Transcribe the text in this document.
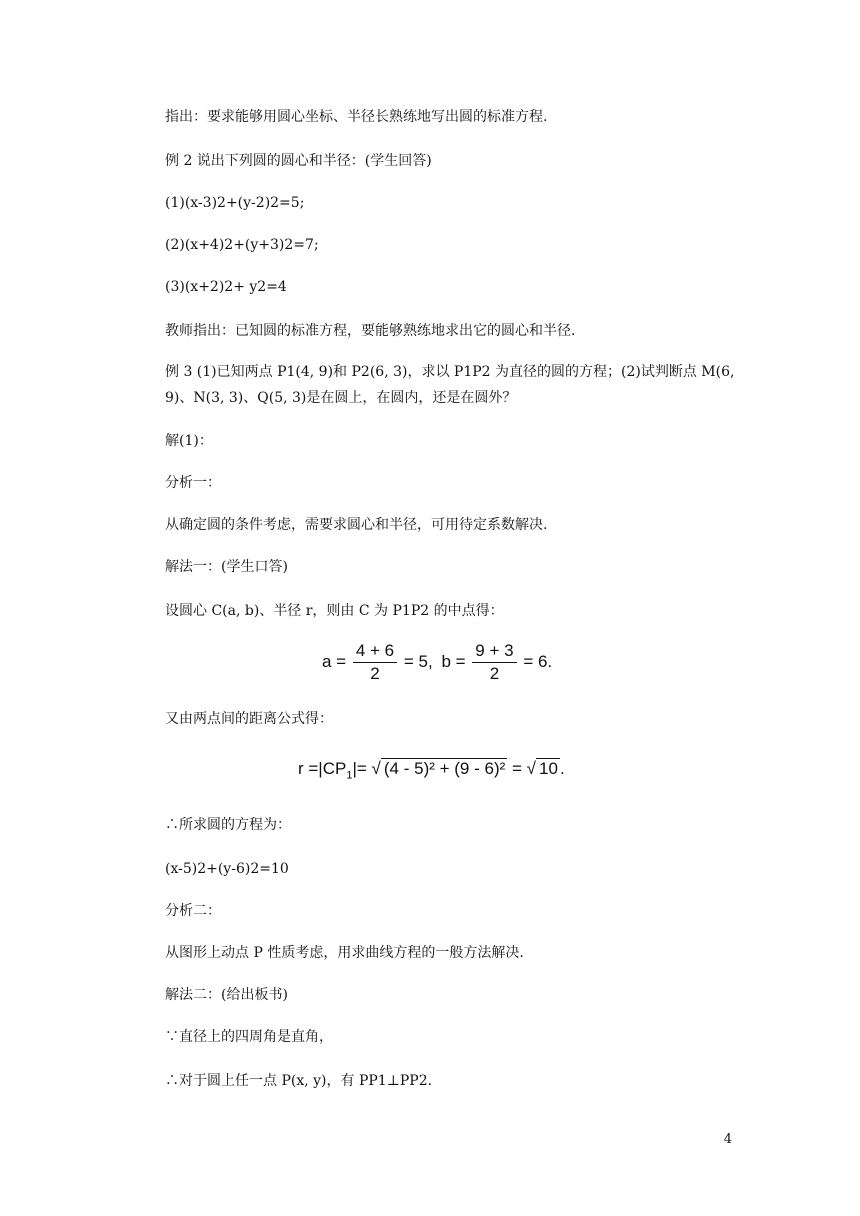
指出：要求能够用圆心坐标、半径长熟练地写出圆的标准方程.
例 2 说出下列圆的圆心和半径：(学生回答)
(1)(x-3)2+(y-2)2=5;
(2)(x+4)2+(y+3)2=7;
(3)(x+2)2+ y2=4
教师指出：已知圆的标准方程，要能够熟练地求出它的圆心和半径.
例 3 (1)已知两点 P1(4, 9)和 P2(6, 3)，求以 P1P2 为直径的圆的方程；(2)试判断点 M(6, 9)、N(3, 3)、Q(5, 3)是在圆上，在圆内，还是在圆外？
解(1)：
分析一：
从确定圆的条件考虑，需要求圆心和半径，可用待定系数解决.
解法一：(学生口答)
设圆心 C(a, b)、半径 r，则由 C 为 P1P2 的中点得：
$a = \frac{4 + 6}{2} = 5$, $b = \frac{9 + 3}{2} = 6$.
又由两点间的距离公式得：
$r =|CP_1|=$ √ (4 - 5)² + (9 - 6)² = √ 10 .
∴所求圆的方程为：
(x-5)2+(y-6)2=10
分析二：
从图形上动点 P 性质考虑，用求曲线方程的一般方法解决.
解法二：(给出板书)
∵直径上的四周角是直角，
∴对于圆上任一点 P(x, y)，有 PP1⊥PP2.
4
